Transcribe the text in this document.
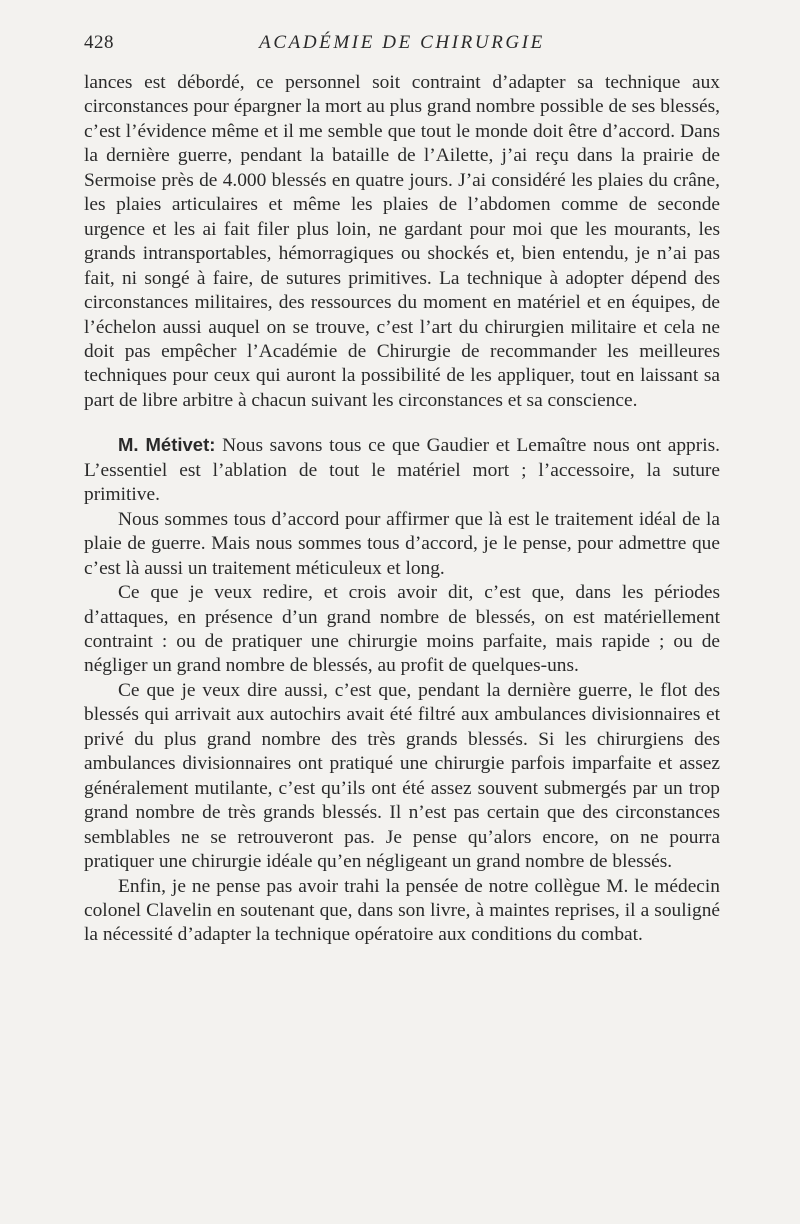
428	ACADÉMIE DE CHIRURGIE

lances est débordé, ce personnel soit contraint d’adapter sa technique aux circonstances pour épargner la mort au plus grand nombre possible de ses blessés, c’est l’évidence même et il me semble que tout le monde doit être d’accord. Dans la dernière guerre, pendant la bataille de l’Ailette, j’ai reçu dans la prairie de Sermoise près de 4.000 blessés en quatre jours. J’ai considéré les plaies du crâne, les plaies articulaires et même les plaies de l’abdomen comme de seconde urgence et les ai fait filer plus loin, ne gardant pour moi que les mourants, les grands intransportables, hémorragiques ou shockés et, bien entendu, je n’ai pas fait, ni songé à faire, de sutures primitives. La technique à adopter dépend des circonstances militaires, des ressources du moment en matériel et en équipes, de l’échelon aussi auquel on se trouve, c’est l’art du chirurgien militaire et cela ne doit pas empêcher l’Académie de Chirurgie de recommander les meilleures techniques pour ceux qui auront la possibilité de les appliquer, tout en laissant sa part de libre arbitre à chacun suivant les circonstances et sa conscience.

M. Métivet: Nous savons tous ce que Gaudier et Lemaître nous ont appris. L’essentiel est l’ablation de tout le matériel mort ; l’accessoire, la suture primitive.

Nous sommes tous d’accord pour affirmer que là est le traitement idéal de la plaie de guerre. Mais nous sommes tous d’accord, je le pense, pour admettre que c’est là aussi un traitement méticuleux et long.

Ce que je veux redire, et crois avoir dit, c’est que, dans les périodes d’attaques, en présence d’un grand nombre de blessés, on est matériellement contraint : ou de pratiquer une chirurgie moins parfaite, mais rapide ; ou de négliger un grand nombre de blessés, au profit de quelques-uns.

Ce que je veux dire aussi, c’est que, pendant la dernière guerre, le flot des blessés qui arrivait aux autochirs avait été filtré aux ambulances divisionnaires et privé du plus grand nombre des très grands blessés. Si les chirurgiens des ambulances divisionnaires ont pratiqué une chirurgie parfois imparfaite et assez généralement mutilante, c’est qu’ils ont été assez souvent submergés par un trop grand nombre de très grands blessés. Il n’est pas certain que des circonstances semblables ne se retrouveront pas. Je pense qu’alors encore, on ne pourra pratiquer une chirurgie idéale qu’en négligeant un grand nombre de blessés.

Enfin, je ne pense pas avoir trahi la pensée de notre collègue M. le médecin colonel Clavelin en soutenant que, dans son livre, à maintes reprises, il a souligné la nécessité d’adapter la technique opératoire aux conditions du combat.
